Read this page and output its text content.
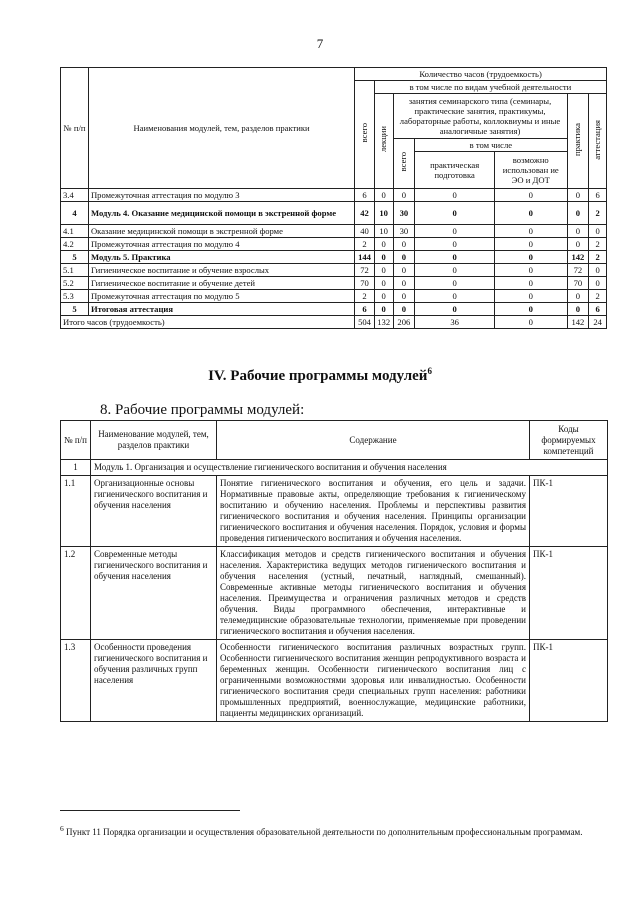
7
№ п/п	Наименования модулей, тем, разделов практики	Количество часов (трудоемкость)						
		всего	в том числе по видам учебной деятельности					
			лекции	занятия семинарского типа (семинары, практические занятия, практикумы, лабораторные работы, коллоквиумы и иные аналогичные занятия)			практика	аттестация
				всего	в том числе			
					практическая подготовка	возможно использован ие ЭО и ДОТ		
3.4	Промежуточная аттестация по модулю 3	6	0	0	0	0	0	6
4	Модуль 4. Оказание медицинской помощи в экстренной форме	42	10	30	0	0	0	2
4.1	Оказание медицинской помощи в экстренной форме	40	10	30	0	0	0	0
4.2	Промежуточная аттестация по модулю 4	2	0	0	0	0	0	2
5	Модуль 5. Практика	144	0	0	0	0	142	2
5.1	Гигиеническое воспитание и обучение взрослых	72	0	0	0	0	72	0
5.2	Гигиеническое воспитание и обучение детей	70	0	0	0	0	70	0
5.3	Промежуточная аттестация по модулю 5	2	0	0	0	0	0	2
5	Итоговая аттестация	6	0	0	0	0	0	6
Итого часов (трудоемкость)		504	132	206	36	0	142	24
IV. Рабочие программы модулей$^6$
8. Рабочие программы модулей:
№ п/п	Наименование модулей, тем, разделов практики	Содержание	Коды формируемых компетенций
1	Модуль 1. Организация и осуществление гигиенического воспитания и обучения населения		
1.1	Организационные основы гигиенического воспитания и обучения населения	Понятие гигиенического воспитания и обучения, его цель и задачи. Нормативные правовые акты, определяющие требования к гигиеническому воспитанию и обучению населения. Проблемы и перспективы развития гигиенического воспитания и обучения населения. Принципы организации гигиенического воспитания и обучения населения. Порядок, условия и формы проведения гигиенического воспитания и обучения населения.	ПК-1
1.2	Современные методы гигиенического воспитания и обучения населения	Классификация методов и средств гигиенического воспитания и обучения населения. Характеристика ведущих методов гигиенического воспитания и обучения населения (устный, печатный, наглядный, смешанный). Современные активные методы гигиенического воспитания и обучения населения. Преимущества и ограничения различных методов и средств обучения. Виды программного обеспечения, интерактивные и телемедицинские образовательные технологии, применяемые при проведении гигиенического воспитания и обучения населения.	ПК-1
1.3	Особенности проведения гигиенического воспитания и обучения различных групп населения	Особенности гигиенического воспитания различных возрастных групп. Особенности гигиенического воспитания женщин репродуктивного возраста и беременных женщин. Особенности гигиенического воспитания лиц с ограниченными возможностями здоровья или инвалидностью. Особенности гигиенического воспитания среди специальных групп населения: работники промышленных предприятий, военнослужащие, медицинские работники, пациенты медицинских организаций.	ПК-1
$^6$ Пункт 11 Порядка организации и осуществления образовательной деятельности по дополнительным профессиональным программам.
